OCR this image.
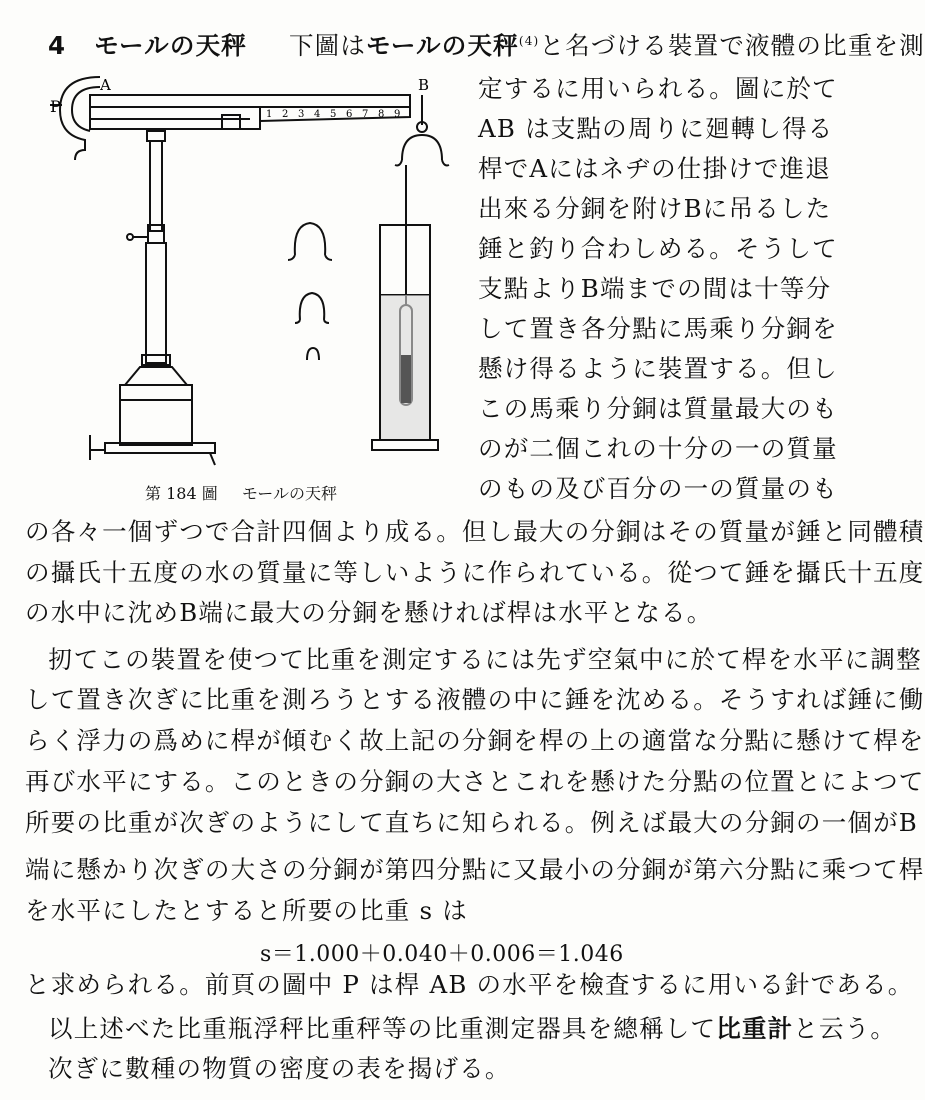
4 モールの天秤 下圖はモールの天秤$^{(4)}$と名づける裝置で液體の比重を測
P
A	B
1 2 3 4 5 6 7 8 9
第 184 圖 モールの天秤
定するに用いられる。圖に於て
AB は支點の周りに廻轉し得る
桿でAにはネヂの仕掛けで進退
出來る分銅を附けBに吊るした
錘と釣り合わしめる。そうして
支點よりB端までの間は十等分
して置き各分點に馬乘り分銅を
懸け得るように裝置する。但し
この馬乘り分銅は質量最大のも
のが二個これの十分の一の質量
のもの及び百分の一の質量のも
の各々一個ずつで合計四個より成る。但し最大の分銅はその質量が錘と同體積
の攝氏十五度の水の質量に等しいように作られている。從つて錘を攝氏十五度
の水中に沈めB端に最大の分銅を懸ければ桿は水平となる。
扨てこの裝置を使つて比重を測定するには先ず空氣中に於て桿を水平に調整
して置き次ぎに比重を測ろうとする液體の中に錘を沈める。そうすれば錘に働
らく浮力の爲めに桿が傾むく故上記の分銅を桿の上の適當な分點に懸けて桿を
再び水平にする。このときの分銅の大さとこれを懸けた分點の位置とによつて
所要の比重が次ぎのようにして直ちに知られる。例えば最大の分銅の一個がB
端に懸かり次ぎの大さの分銅が第四分點に又最小の分銅が第六分點に乘つて桿
を水平にしたとすると所要の比重 s は
s＝1.000＋0.040＋0.006＝1.046
と求められる。前頁の圖中 P は桿 AB の水平を檢査するに用いる針である。
以上述べた比重瓶浮秤比重秤等の比重測定器具を總稱して比重計と云う。
次ぎに數種の物質の密度の表を揭げる。
